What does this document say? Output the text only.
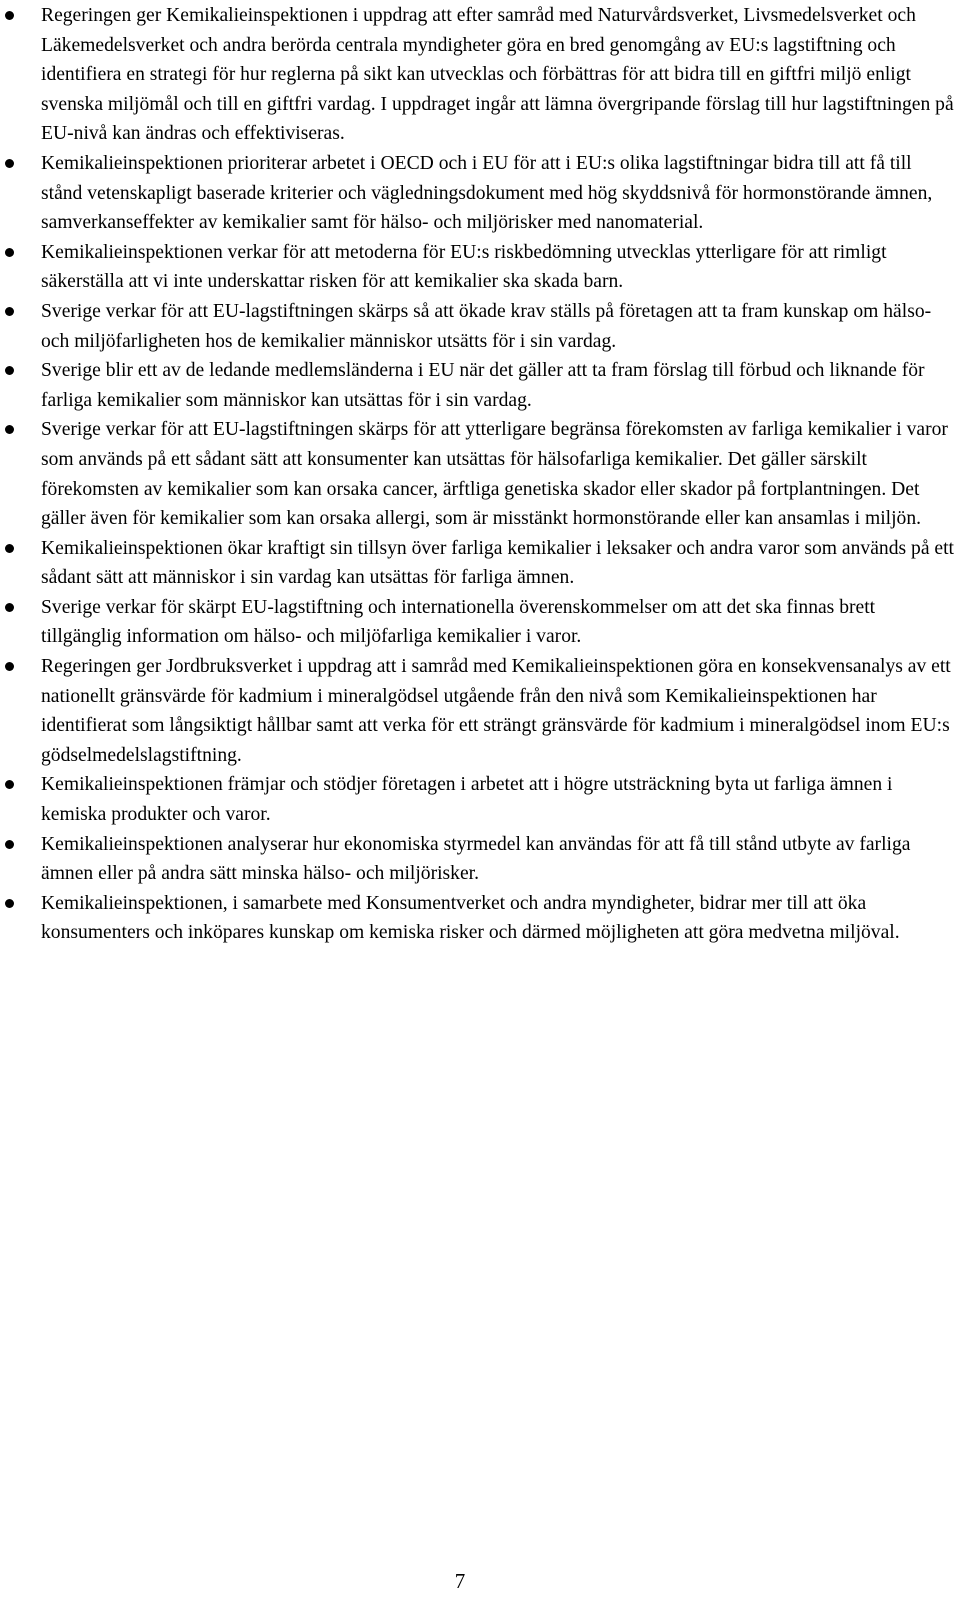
Regeringen ger Kemikalieinspektionen i uppdrag att efter samråd med Naturvårdsverket, Livsmedelsverket och Läkemedelsverket och andra berörda centrala myndigheter göra en bred genomgång av EU:s lagstiftning och identifiera en strategi för hur reglerna på sikt kan utvecklas och förbättras för att bidra till en giftfri miljö enligt svenska miljömål och till en giftfri vardag. I uppdraget ingår att lämna övergripande förslag till hur lagstiftningen på EU-nivå kan ändras och effektiviseras.
Kemikalieinspektionen prioriterar arbetet i OECD och i EU för att i EU:s olika lagstiftningar bidra till att få till stånd vetenskapligt baserade kriterier och vägledningsdokument med hög skyddsnivå för hormonstörande ämnen, samverkanseffekter av kemikalier samt för hälso- och miljörisker med nanomaterial.
Kemikalieinspektionen verkar för att metoderna för EU:s riskbedömning utvecklas ytterligare för att rimligt säkerställa att vi inte underskattar risken för att kemikalier ska skada barn.
Sverige verkar för att EU-lagstiftningen skärps så att ökade krav ställs på företagen att ta fram kunskap om hälso- och miljöfarligheten hos de kemikalier människor utsätts för i sin vardag.
Sverige blir ett av de ledande medlemsländerna i EU när det gäller att ta fram förslag till förbud och liknande för farliga kemikalier som människor kan utsättas för i sin vardag.
Sverige verkar för att EU-lagstiftningen skärps för att ytterligare begränsa förekomsten av farliga kemikalier i varor som används på ett sådant sätt att konsumenter kan utsättas för hälsofarliga kemikalier. Det gäller särskilt förekomsten av kemikalier som kan orsaka cancer, ärftliga genetiska skador eller skador på fortplantningen. Det gäller även för kemikalier som kan orsaka allergi, som är misstänkt hormonstörande eller kan ansamlas i miljön.
Kemikalieinspektionen ökar kraftigt sin tillsyn över farliga kemikalier i leksaker och andra varor som används på ett sådant sätt att människor i sin vardag kan utsättas för farliga ämnen.
Sverige verkar för skärpt EU-lagstiftning och internationella överenskommelser om att det ska finnas brett tillgänglig information om hälso- och miljöfarliga kemikalier i varor.
Regeringen ger Jordbruksverket i uppdrag att i samråd med Kemikalieinspektionen göra en konsekvensanalys av ett nationellt gränsvärde för kadmium i mineralgödsel utgående från den nivå som Kemikalieinspektionen har identifierat som långsiktigt hållbar samt att verka för ett strängt gränsvärde för kadmium i mineralgödsel inom EU:s gödselmedelslagstiftning.
Kemikalieinspektionen främjar och stödjer företagen i arbetet att i högre utsträckning byta ut farliga ämnen i kemiska produkter och varor.
Kemikalieinspektionen analyserar hur ekonomiska styrmedel kan användas för att få till stånd utbyte av farliga ämnen eller på andra sätt minska hälso- och miljörisker.
Kemikalieinspektionen, i samarbete med Konsumentverket och andra myndigheter, bidrar mer till att öka konsumenters och inköpares kunskap om kemiska risker och därmed möjligheten att göra medvetna miljöval.
7
